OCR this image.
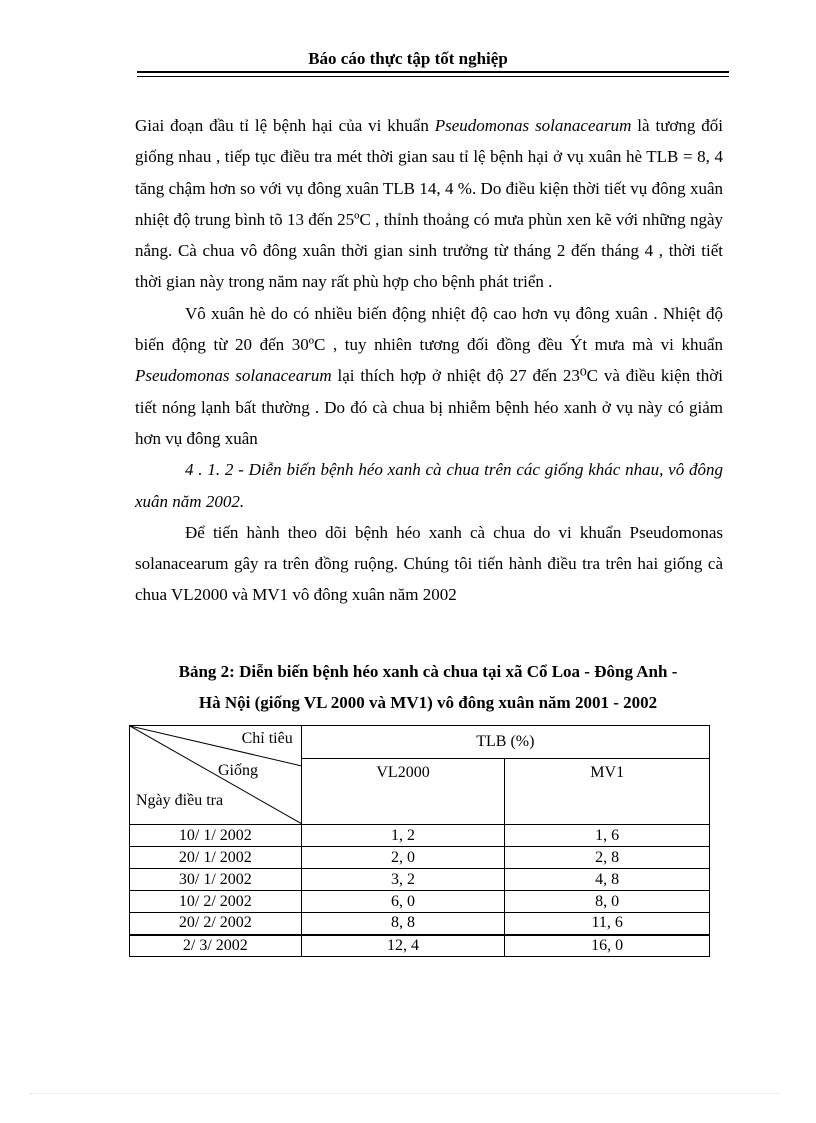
Báo cáo thực tập tốt nghiệp

Giai đoạn đầu tỉ lệ bệnh hại của vi khuẩn Pseudomonas solanacearum là tương đối giống nhau , tiếp tục điều tra mét thời gian sau tỉ lệ bệnh hại ở vụ xuân hè TLB = 8, 4 tăng chậm hơn so với vụ đông xuân TLB 14, 4 %. Do điều kiện thời tiết vụ đông xuân nhiệt độ trung bình tõ 13 đến 25ºC , thỉnh thoảng có mưa phùn xen kẽ với những ngày nắng. Cà chua vô đông xuân thời gian sinh trưởng từ tháng 2 đến tháng 4 , thời tiết thời gian này trong năm nay rất phù hợp cho bệnh phát triển .

Vô xuân hè do có nhiều biến động nhiệt độ cao hơn vụ đông xuân . Nhiệt độ biến động từ 20 đến 30ºC , tuy nhiên tương đối đồng đều Ýt mưa mà vi khuẩn Pseudomonas solanacearum lại thích hợp ở nhiệt độ 27 đến 23⁰C và điều kiện thời tiết nóng lạnh bất thường . Do đó cà chua bị nhiễm bệnh héo xanh ở vụ này có giảm hơn vụ đông xuân

4 . 1. 2 - Diễn biến bệnh héo xanh cà chua trên các giống khác nhau, vô đông xuân năm 2002.

Để tiến hành theo dõi bệnh héo xanh cà chua do vi khuẩn Pseudomonas solanacearum gây ra trên đồng ruộng. Chúng tôi tiến hành điều tra trên hai giống cà chua VL2000 và MV1 vô đông xuân năm 2002

Bảng 2: Diễn biến bệnh héo xanh cà chua tại xã Cổ Loa - Đông Anh -
Hà Nội (giống VL 2000 và MV1) vô đông xuân năm 2001 - 2002
Chỉ tiêu
Giống
Ngày điều tra	TLB (%)	
	VL2000	MV1
10/ 1/ 2002	1, 2	1, 6
20/ 1/ 2002	2, 0	2, 8
30/ 1/ 2002	3, 2	4, 8
10/ 2/ 2002	6, 0	8, 0
20/ 2/ 2002	8, 8	11, 6
2/ 3/ 2002	12, 4	16, 0
